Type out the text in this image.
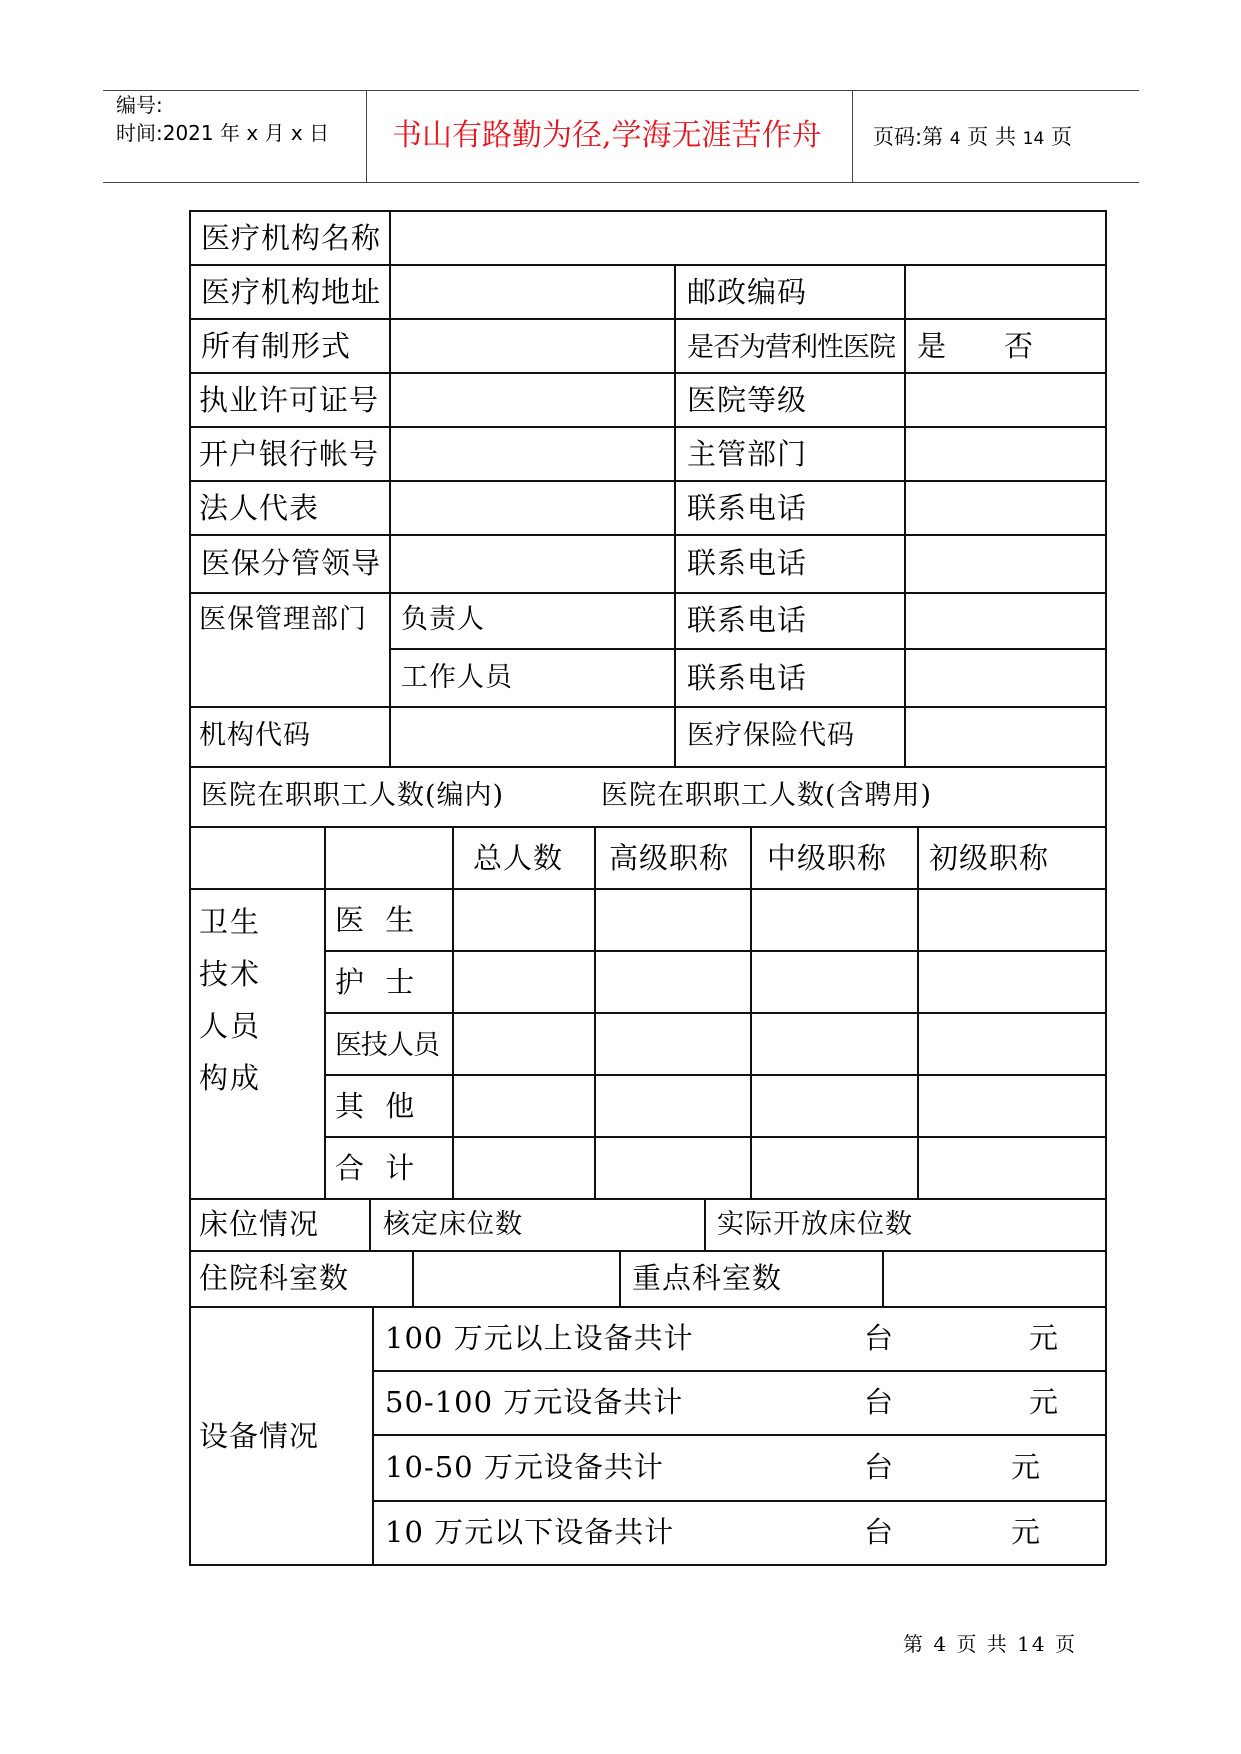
编号:
时间:2021 年 x 月 x 日 书山有路勤为径,学海无涯苦作舟 页码:第 4 页 共 14 页
医疗机构名称
医疗机构地址	邮政编码
所有制形式	是否为营利性医院 是 否
执业许可证号	医院等级
开户银行帐号	主管部门
法人代表	联系电话
医保分管领导	联系电话
医保管理部门 负责人	联系电话
工作人员	联系电话
机构代码	医疗保险代码
医院在职职工人数(编内)	医院在职职工人数(含聘用)
总人数 高级职称 中级职称 初级职称
卫生技术人员构成
医 生
护 士
医技人员
其 他
合 计
床位情况 核定床位数	实际开放床位数
住院科室数	重点科室数
设备情况
100 万元以上设备共计	台	元
50-100 万元设备共计	台	元
10-50 万元设备共计	台	元
10 万元以下设备共计	台	元
第 4 页 共 14 页
